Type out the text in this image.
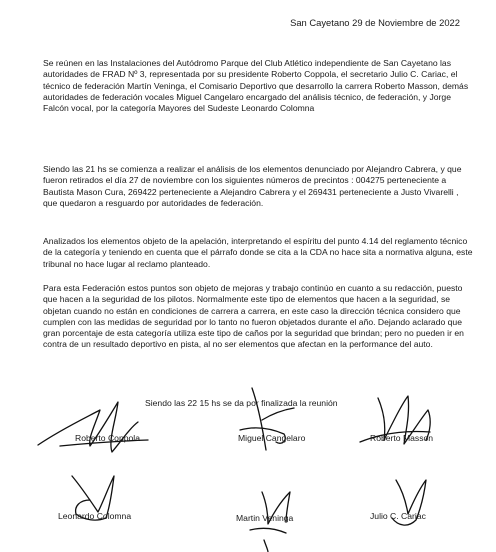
San Cayetano 29 de Noviembre de 2022

Se reúnen en las Instalaciones del Autódromo Parque del Club Atlético independiente de San Cayetano las autoridades de FRAD Nº 3, representada por su presidente Roberto Coppola, el secretario Julio C. Cariac, el técnico de federación Martín Veninga, el Comisario Deportivo que desarrollo la carrera Roberto Masson, demás autoridades de federación vocales Miguel Cangelaro encargado del análisis técnico, de federación, y Jorge Falcón vocal, por la categoría Mayores del Sudeste Leonardo Colomna

Siendo las 21 hs se comienza a realizar el análisis de los elementos denunciado por Alejandro Cabrera, y que fueron retirados el día 27 de noviembre con los siguientes números de precintos : 004275 perteneciente a Bautista Mason Cura, 269422 perteneciente a Alejandro Cabrera y el 269431 perteneciente a Justo Vivarelli , que quedaron a resguardo por autoridades de federación.

Analizados los elementos objeto de la apelación, interpretando el espíritu del punto 4.14 del reglamento técnico de la categoría y teniendo en cuenta que el párrafo donde se cita a la CDA no hace sita a normativa alguna, este tribunal no hace lugar al reclamo planteado.

Para esta Federación estos puntos son objeto de mejoras y trabajo continúo en cuanto a su redacción, puesto que hacen a la seguridad de los pilotos. Normalmente este tipo de elementos que hacen a la seguridad, se objetan cuando no están en condiciones de carrera a carrera, en este caso la dirección técnica considero que cumplen con las medidas de seguridad por lo tanto no fueron objetados durante el año. Dejando aclarado que gran porcentaje de esta categoría utiliza este tipo de caños por la seguridad que brindan; pero no pueden ir en contra de un resultado deportivo en pista, al no ser elementos que afectan en la performance del auto.

Siendo las 22 15 hs se da por finalizada la reunión
Roberto Coppola	Miguel Cangelaro	Roberto Masson
Leonardo Colomna	Martin Veninga	Julio C. Cariac
